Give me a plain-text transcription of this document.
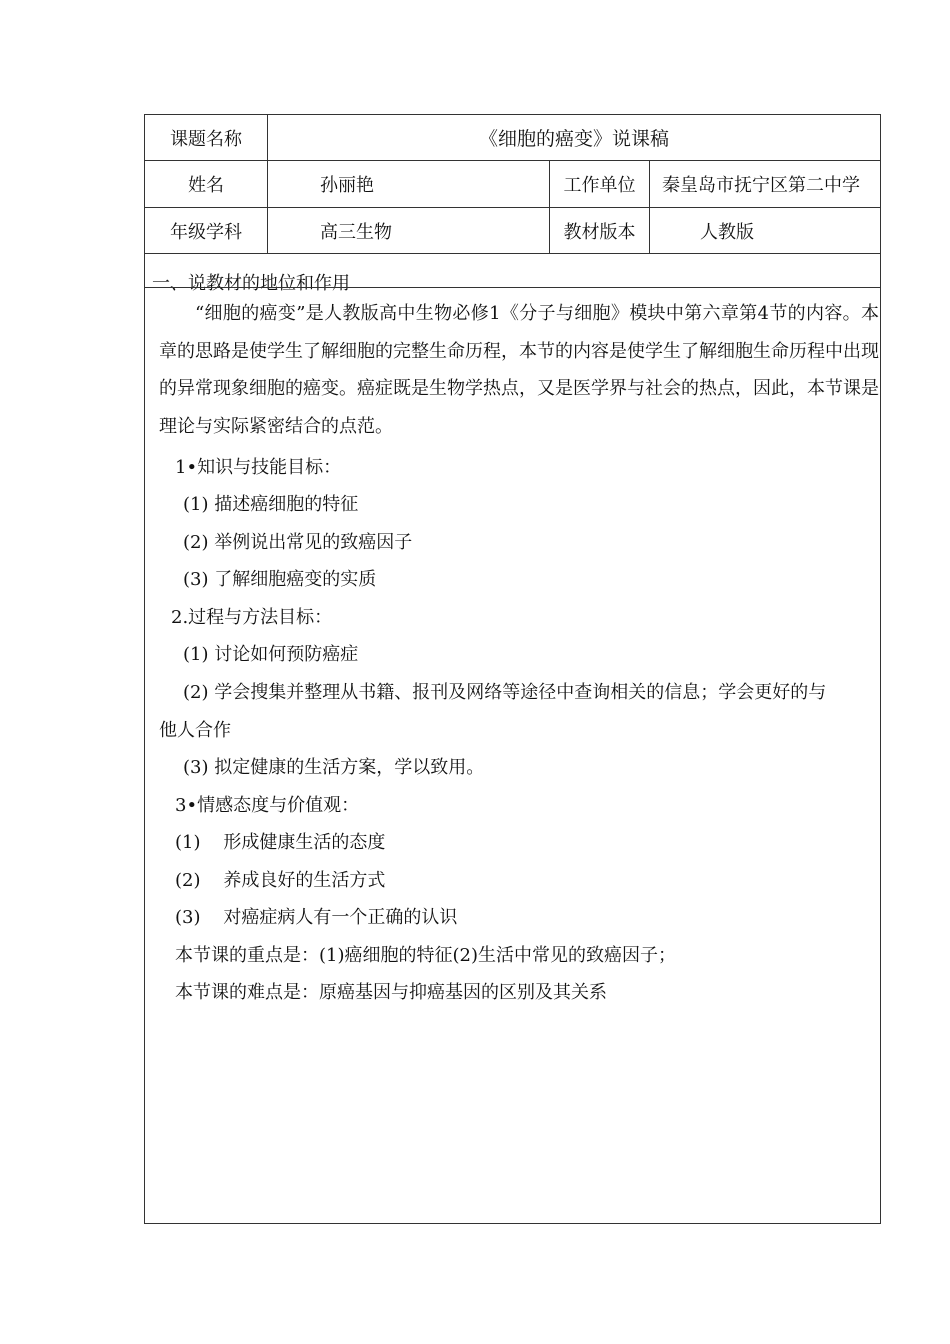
课题名称	《细胞的癌变》说课稿
姓名	孙丽艳	工作单位	秦皇岛市抚宁区第二中学
年级学科	高三生物	教材版本	人教版
一、说教材的地位和作用
“细胞的癌变”是人教版高中生物必修1《分子与细胞》模块中第六章第4节的内容。本章的思路是使学生了解细胞的完整生命历程，本节的内容是使学生了解细胞生命历程中出现的异常现象细胞的癌变。癌症既是生物学热点，又是医学界与社会的热点，因此，本节课是理论与实际紧密结合的点范。
1•知识与技能目标：
(1) 描述癌细胞的特征
(2) 举例说出常见的致癌因子
(3) 了解细胞癌变的实质
2.过程与方法目标：
(1) 讨论如何预防癌症
(2) 学会搜集并整理从书籍、报刊及网络等途径中查询相关的信息；学会更好的与
他人合作
(3) 拟定健康的生活方案，学以致用。
3•情感态度与价值观：
(1)    形成健康生活的态度
(2)    养成良好的生活方式
(3)    对癌症病人有一个正确的认识
本节课的重点是：(1)癌细胞的特征(2)生活中常见的致癌因子；
本节课的难点是：原癌基因与抑癌基因的区别及其关系
